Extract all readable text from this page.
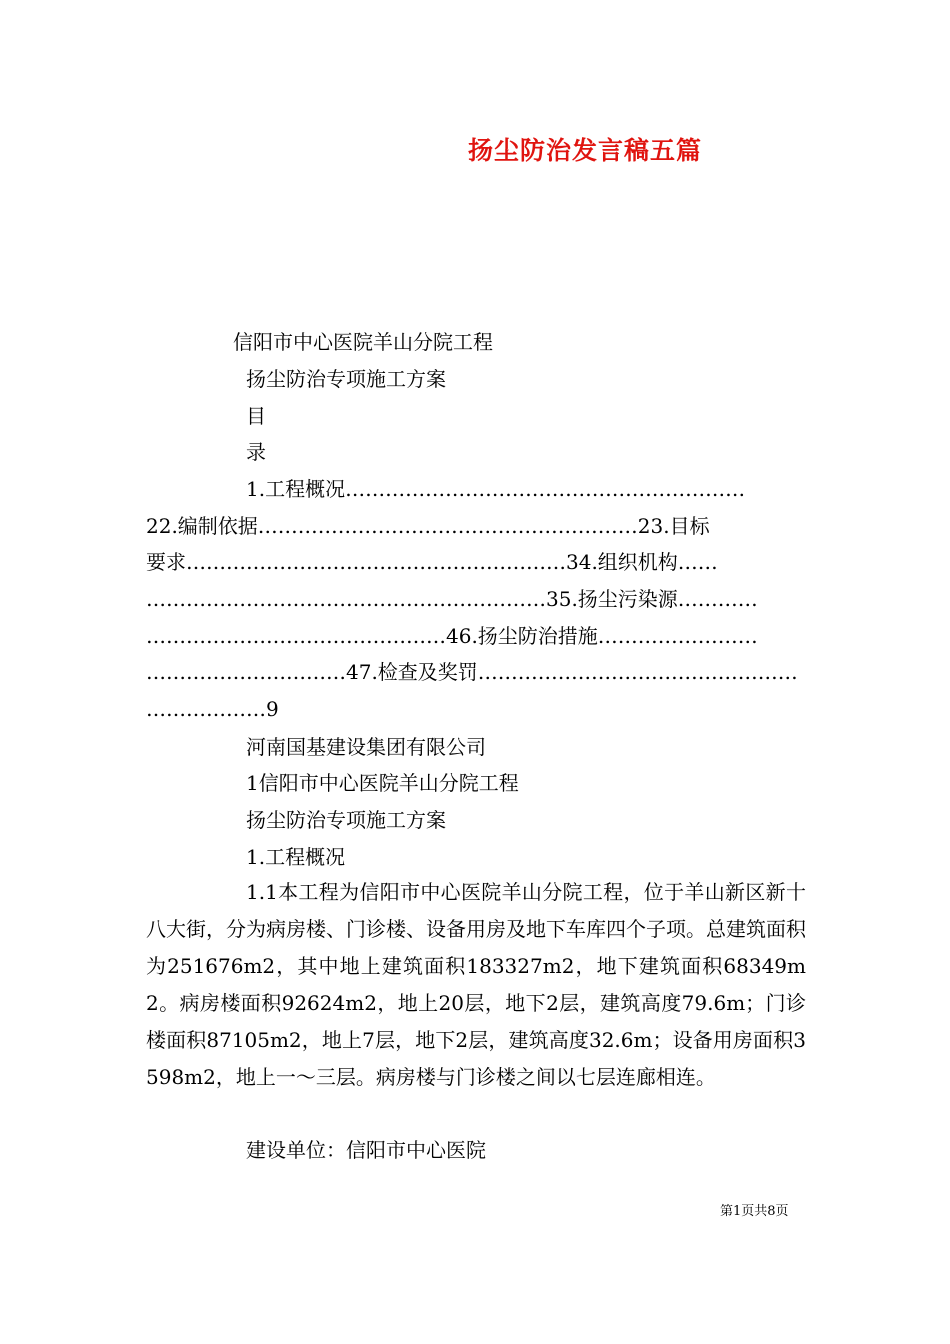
扬尘防治发言稿五篇
信阳市中心医院羊山分院工程
扬尘防治专项施工方案
目
录
1.工程概况……………………………………………………
22.编制依据…………………………………………………23.目标
要求…………………………………………………34.组织机构……
……………………………………………………35.扬尘污染源…………
………………………………………46.扬尘防治措施……………………
…………………………47.检查及奖罚…………………………………………
………………9
河南国基建设集团有限公司
1信阳市中心医院羊山分院工程
扬尘防治专项施工方案
1.工程概况

1.1本工程为信阳市中心医院羊山分院工程，位于羊山新区新十八大街，分为病房楼、门诊楼、设备用房及地下车库四个子项。总建筑面积为251676m2，其中地上建筑面积183327m2，地下建筑面积68349m2。病房楼面积92624m2，地上20层，地下2层，建筑高度79.6m；门诊楼面积87105m2，地上7层，地下2层，建筑高度32.6m；设备用房面积3598m2，地上一～三层。病房楼与门诊楼之间以七层连廊相连。

建设单位：信阳市中心医院
第1页共8页
